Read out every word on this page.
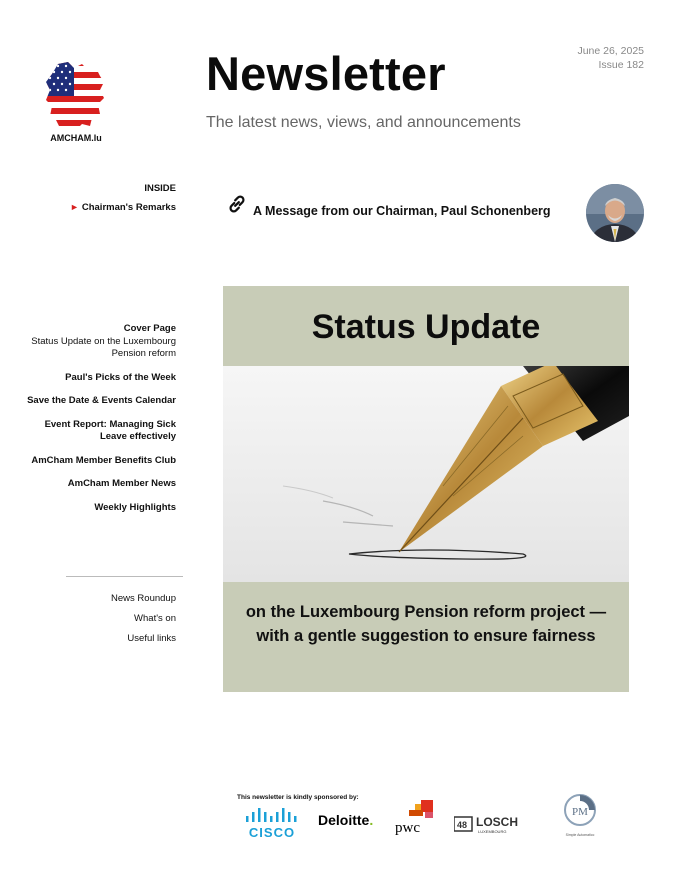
AMCHAM.lu
Newsletter
The latest news, views, and announcements
June 26, 2025
Issue 182
INSIDE
► Chairman's Remarks
Cover Page
Status Update on the Luxembourg Pension reform
Paul's Picks of the Week
Save the Date & Events Calendar
Event Report: Managing Sick Leave effectively
AmCham Member Benefits Club
AmCham Member News
Weekly Highlights
News Roundup
What's on
Useful links
A Message from our Chairman, Paul Schonenberg
Status Update
on the Luxembourg Pension reform project — with a gentle suggestion to ensure fairness
This newsletter is kindly sponsored by:
CISCO
Deloitte. pwc	48 LOSCH
LUXEMBOURG
PM
Simple Automaticc
